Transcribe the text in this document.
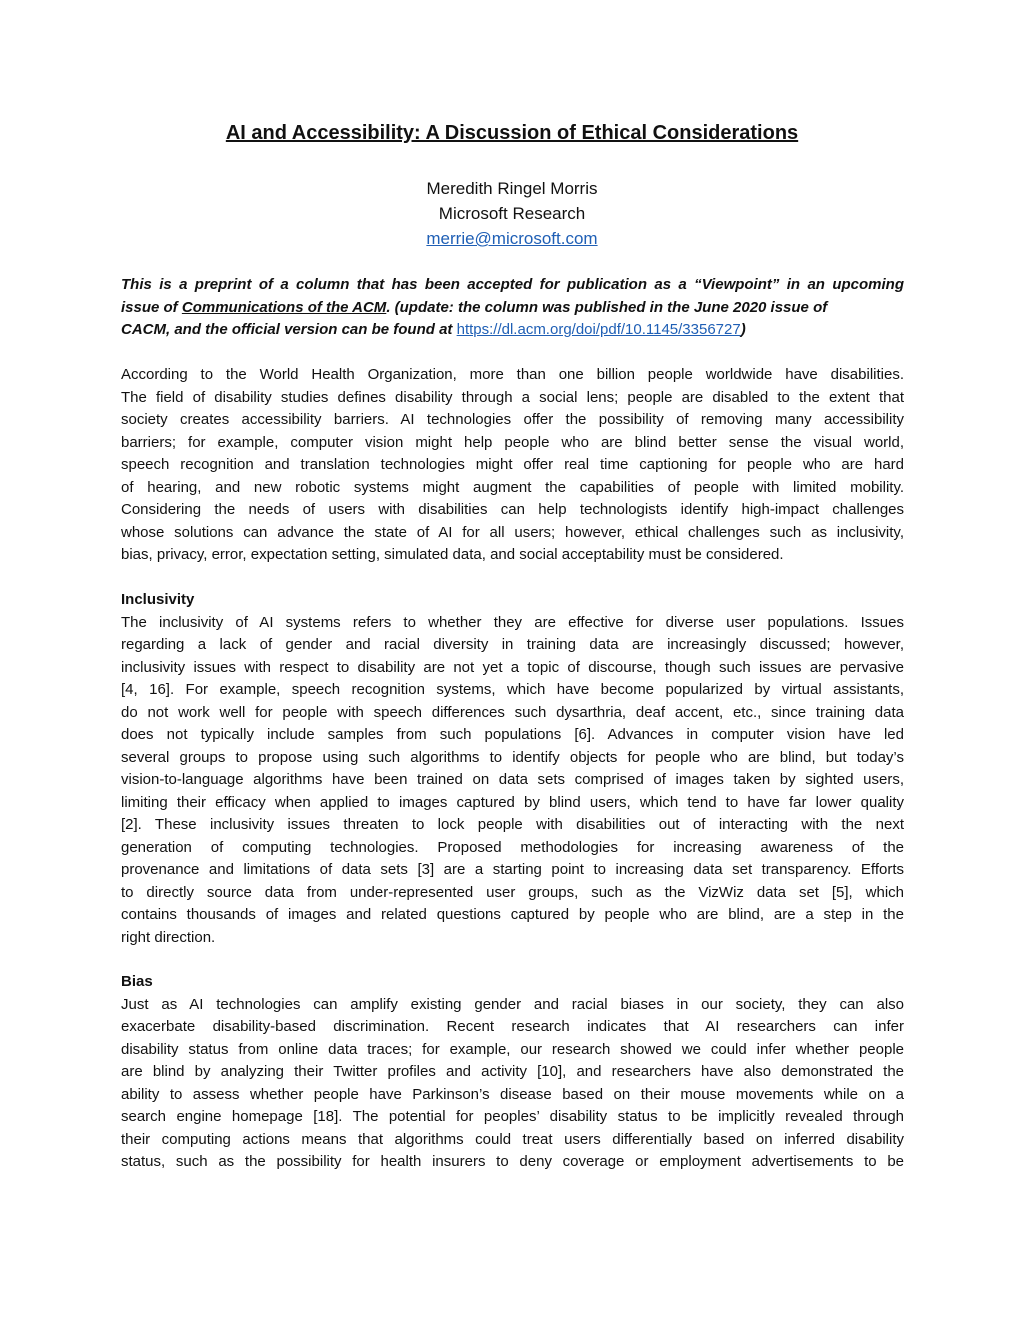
AI and Accessibility: A Discussion of Ethical Considerations
Meredith Ringel Morris
Microsoft Research
merrie@microsoft.com
This is a preprint of a column that has been accepted for publication as a “Viewpoint” in an upcoming
issue of Communications of the ACM. (update: the column was published in the June 2020 issue of
CACM, and the official version can be found at https://dl.acm.org/doi/pdf/10.1145/3356727)
According to the World Health Organization, more than one billion people worldwide have disabilities.
The field of disability studies defines disability through a social lens; people are disabled to the extent that
society creates accessibility barriers. AI technologies offer the possibility of removing many accessibility
barriers; for example, computer vision might help people who are blind better sense the visual world,
speech recognition and translation technologies might offer real time captioning for people who are hard
of hearing, and new robotic systems might augment the capabilities of people with limited mobility.
Considering the needs of users with disabilities can help technologists identify high-impact challenges
whose solutions can advance the state of AI for all users; however, ethical challenges such as inclusivity,
bias, privacy, error, expectation setting, simulated data, and social acceptability must be considered.
Inclusivity
The inclusivity of AI systems refers to whether they are effective for diverse user populations. Issues
regarding a lack of gender and racial diversity in training data are increasingly discussed; however,
inclusivity issues with respect to disability are not yet a topic of discourse, though such issues are pervasive
[4, 16]. For example, speech recognition systems, which have become popularized by virtual assistants,
do not work well for people with speech differences such dysarthria, deaf accent, etc., since training data
does not typically include samples from such populations [6]. Advances in computer vision have led
several groups to propose using such algorithms to identify objects for people who are blind, but today’s
vision-to-language algorithms have been trained on data sets comprised of images taken by sighted users,
limiting their efficacy when applied to images captured by blind users, which tend to have far lower quality
[2]. These inclusivity issues threaten to lock people with disabilities out of interacting with the next
generation of computing technologies. Proposed methodologies for increasing awareness of the
provenance and limitations of data sets [3] are a starting point to increasing data set transparency. Efforts
to directly source data from under-represented user groups, such as the VizWiz data set [5], which
contains thousands of images and related questions captured by people who are blind, are a step in the
right direction.
Bias
Just as AI technologies can amplify existing gender and racial biases in our society, they can also
exacerbate disability-based discrimination. Recent research indicates that AI researchers can infer
disability status from online data traces; for example, our research showed we could infer whether people
are blind by analyzing their Twitter profiles and activity [10], and researchers have also demonstrated the
ability to assess whether people have Parkinson’s disease based on their mouse movements while on a
search engine homepage [18]. The potential for peoples’ disability status to be implicitly revealed through
their computing actions means that algorithms could treat users differentially based on inferred disability
status, such as the possibility for health insurers to deny coverage or employment advertisements to be
